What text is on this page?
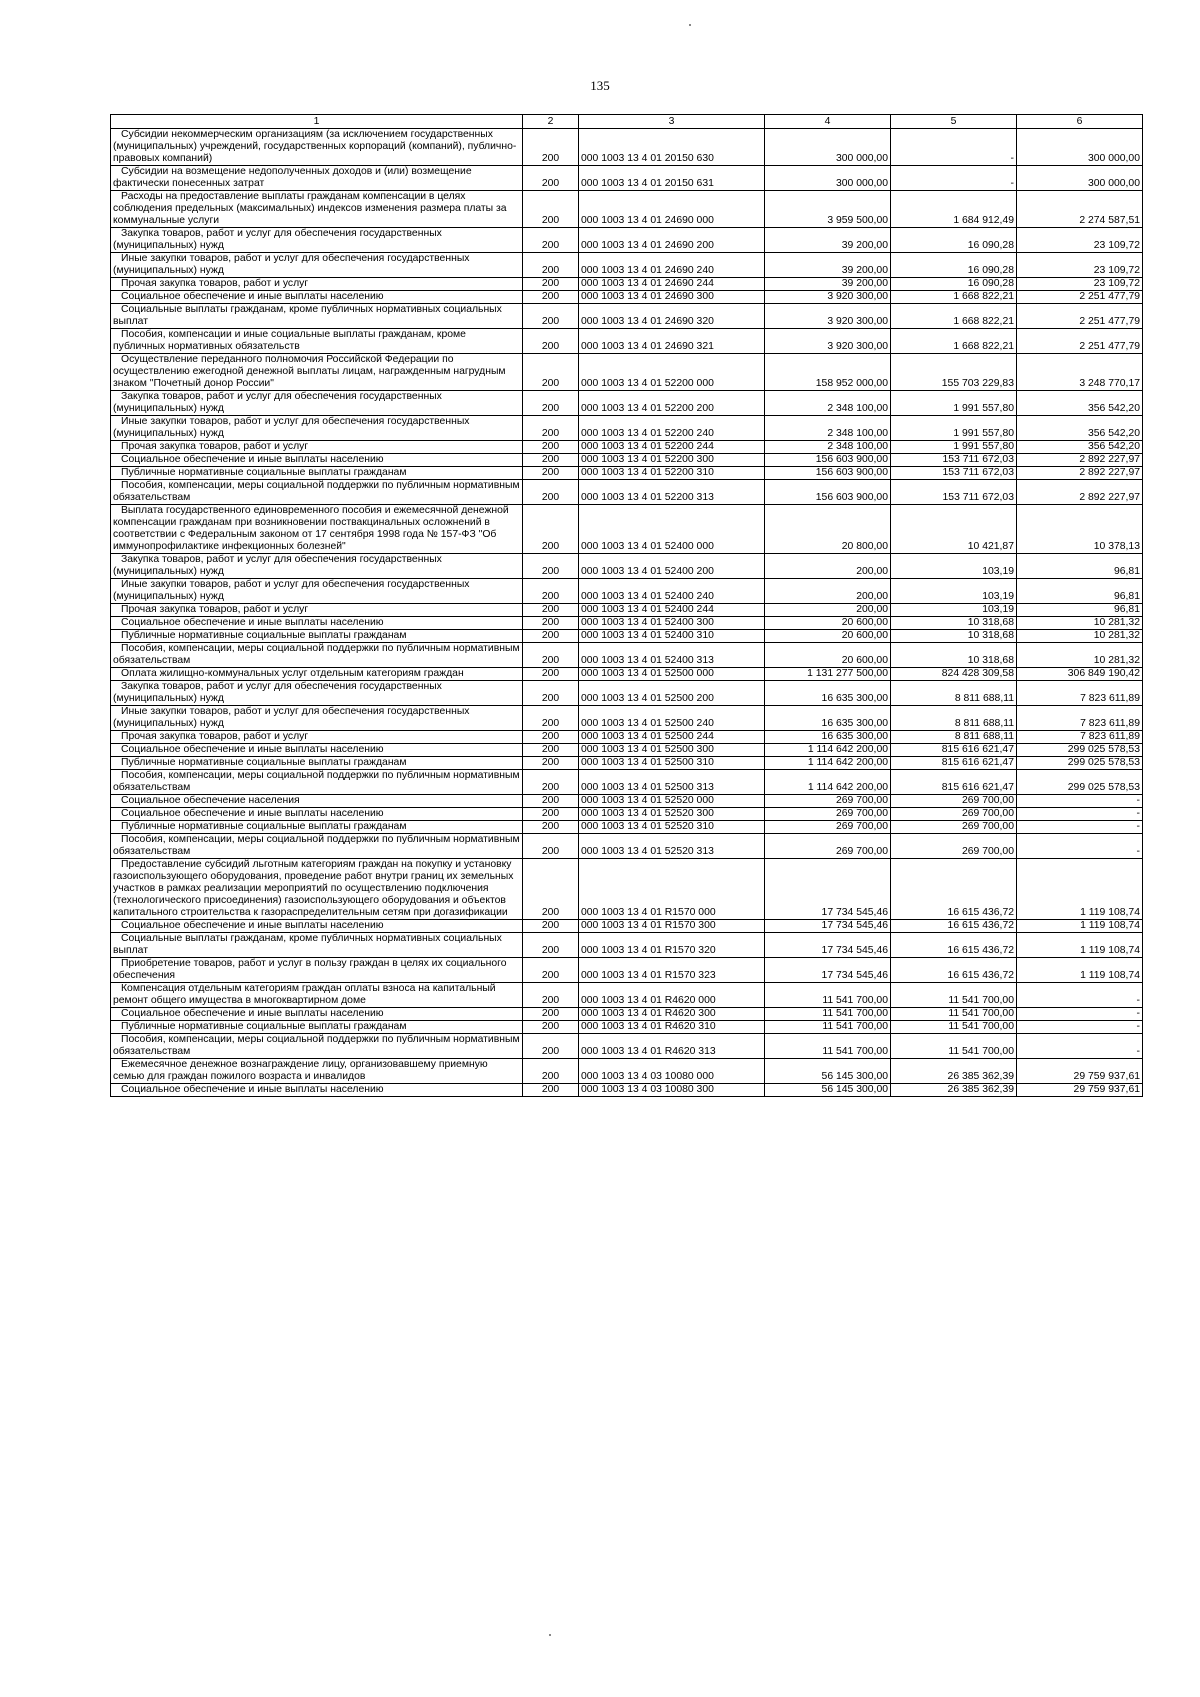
135
1	2	3	4	5	6
Субсидии некоммерческим организациям (за исключением государственных (муниципальных) учреждений, государственных корпораций (компаний), публично-правовых компаний)	200	000 1003 13 4 01 20150 630	300 000,00	-	300 000,00
Субсидии на возмещение недополученных доходов и (или) возмещение фактически понесенных затрат	200	000 1003 13 4 01 20150 631	300 000,00	-	300 000,00
Расходы на предоставление выплаты гражданам компенсации в целях соблюдения предельных (максимальных) индексов изменения размера платы за коммунальные услуги	200	000 1003 13 4 01 24690 000	3 959 500,00	1 684 912,49	2 274 587,51
Закупка товаров, работ и услуг для обеспечения государственных (муниципальных) нужд	200	000 1003 13 4 01 24690 200	39 200,00	16 090,28	23 109,72
Иные закупки товаров, работ и услуг для обеспечения государственных (муниципальных) нужд	200	000 1003 13 4 01 24690 240	39 200,00	16 090,28	23 109,72
Прочая закупка товаров, работ и услуг	200	000 1003 13 4 01 24690 244	39 200,00	16 090,28	23 109,72
Социальное обеспечение и иные выплаты населению	200	000 1003 13 4 01 24690 300	3 920 300,00	1 668 822,21	2 251 477,79
Социальные выплаты гражданам, кроме публичных нормативных социальных выплат	200	000 1003 13 4 01 24690 320	3 920 300,00	1 668 822,21	2 251 477,79
Пособия, компенсации и иные социальные выплаты гражданам, кроме публичных нормативных обязательств	200	000 1003 13 4 01 24690 321	3 920 300,00	1 668 822,21	2 251 477,79
Осуществление переданного полномочия Российской Федерации по осуществлению ежегодной денежной выплаты лицам, награжденным нагрудным знаком "Почетный донор России"	200	000 1003 13 4 01 52200 000	158 952 000,00	155 703 229,83	3 248 770,17
Закупка товаров, работ и услуг для обеспечения государственных (муниципальных) нужд	200	000 1003 13 4 01 52200 200	2 348 100,00	1 991 557,80	356 542,20
Иные закупки товаров, работ и услуг для обеспечения государственных (муниципальных) нужд	200	000 1003 13 4 01 52200 240	2 348 100,00	1 991 557,80	356 542,20
Прочая закупка товаров, работ и услуг	200	000 1003 13 4 01 52200 244	2 348 100,00	1 991 557,80	356 542,20
Социальное обеспечение и иные выплаты населению	200	000 1003 13 4 01 52200 300	156 603 900,00	153 711 672,03	2 892 227,97
Публичные нормативные социальные выплаты гражданам	200	000 1003 13 4 01 52200 310	156 603 900,00	153 711 672,03	2 892 227,97
Пособия, компенсации, меры социальной поддержки по публичным нормативным обязательствам	200	000 1003 13 4 01 52200 313	156 603 900,00	153 711 672,03	2 892 227,97
Выплата государственного единовременного пособия и ежемесячной денежной компенсации гражданам при возникновении поствакцинальных осложнений в соответствии с Федеральным законом от 17 сентября 1998 года № 157-ФЗ "Об иммунопрофилактике инфекционных болезней"	200	000 1003 13 4 01 52400 000	20 800,00	10 421,87	10 378,13
Закупка товаров, работ и услуг для обеспечения государственных (муниципальных) нужд	200	000 1003 13 4 01 52400 200	200,00	103,19	96,81
Иные закупки товаров, работ и услуг для обеспечения государственных (муниципальных) нужд	200	000 1003 13 4 01 52400 240	200,00	103,19	96,81
Прочая закупка товаров, работ и услуг	200	000 1003 13 4 01 52400 244	200,00	103,19	96,81
Социальное обеспечение и иные выплаты населению	200	000 1003 13 4 01 52400 300	20 600,00	10 318,68	10 281,32
Публичные нормативные социальные выплаты гражданам	200	000 1003 13 4 01 52400 310	20 600,00	10 318,68	10 281,32
Пособия, компенсации, меры социальной поддержки по публичным нормативным обязательствам	200	000 1003 13 4 01 52400 313	20 600,00	10 318,68	10 281,32
Оплата жилищно-коммунальных услуг отдельным категориям граждан	200	000 1003 13 4 01 52500 000	1 131 277 500,00	824 428 309,58	306 849 190,42
Закупка товаров, работ и услуг для обеспечения государственных (муниципальных) нужд	200	000 1003 13 4 01 52500 200	16 635 300,00	8 811 688,11	7 823 611,89
Иные закупки товаров, работ и услуг для обеспечения государственных (муниципальных) нужд	200	000 1003 13 4 01 52500 240	16 635 300,00	8 811 688,11	7 823 611,89
Прочая закупка товаров, работ и услуг	200	000 1003 13 4 01 52500 244	16 635 300,00	8 811 688,11	7 823 611,89
Социальное обеспечение и иные выплаты населению	200	000 1003 13 4 01 52500 300	1 114 642 200,00	815 616 621,47	299 025 578,53
Публичные нормативные социальные выплаты гражданам	200	000 1003 13 4 01 52500 310	1 114 642 200,00	815 616 621,47	299 025 578,53
Пособия, компенсации, меры социальной поддержки по публичным нормативным обязательствам	200	000 1003 13 4 01 52500 313	1 114 642 200,00	815 616 621,47	299 025 578,53
Социальное обеспечение населения	200	000 1003 13 4 01 52520 000	269 700,00	269 700,00	-
Социальное обеспечение и иные выплаты населению	200	000 1003 13 4 01 52520 300	269 700,00	269 700,00	-
Публичные нормативные социальные выплаты гражданам	200	000 1003 13 4 01 52520 310	269 700,00	269 700,00	-
Пособия, компенсации, меры социальной поддержки по публичным нормативным обязательствам	200	000 1003 13 4 01 52520 313	269 700,00	269 700,00	-
Предоставление субсидий льготным категориям граждан на покупку и установку газоиспользующего оборудования, проведение работ внутри границ их земельных участков в рамках реализации мероприятий по осуществлению подключения (технологического присоединения) газоиспользующего оборудования и объектов капитального строительства к газораспределительным сетям при догазификации	200	000 1003 13 4 01 R1570 000	17 734 545,46	16 615 436,72	1 119 108,74
Социальное обеспечение и иные выплаты населению	200	000 1003 13 4 01 R1570 300	17 734 545,46	16 615 436,72	1 119 108,74
Социальные выплаты гражданам, кроме публичных нормативных социальных выплат	200	000 1003 13 4 01 R1570 320	17 734 545,46	16 615 436,72	1 119 108,74
Приобретение товаров, работ и услуг в пользу граждан в целях их социального обеспечения	200	000 1003 13 4 01 R1570 323	17 734 545,46	16 615 436,72	1 119 108,74
Компенсация отдельным категориям граждан оплаты взноса на капитальный ремонт общего имущества в многоквартирном доме	200	000 1003 13 4 01 R4620 000	11 541 700,00	11 541 700,00	-
Социальное обеспечение и иные выплаты населению	200	000 1003 13 4 01 R4620 300	11 541 700,00	11 541 700,00	-
Публичные нормативные социальные выплаты гражданам	200	000 1003 13 4 01 R4620 310	11 541 700,00	11 541 700,00	-
Пособия, компенсации, меры социальной поддержки по публичным нормативным обязательствам	200	000 1003 13 4 01 R4620 313	11 541 700,00	11 541 700,00	-
Ежемесячное денежное вознаграждение лицу, организовавшему приемную семью для граждан пожилого возраста и инвалидов	200	000 1003 13 4 03 10080 000	56 145 300,00	26 385 362,39	29 759 937,61
Социальное обеспечение и иные выплаты населению	200	000 1003 13 4 03 10080 300	56 145 300,00	26 385 362,39	29 759 937,61
